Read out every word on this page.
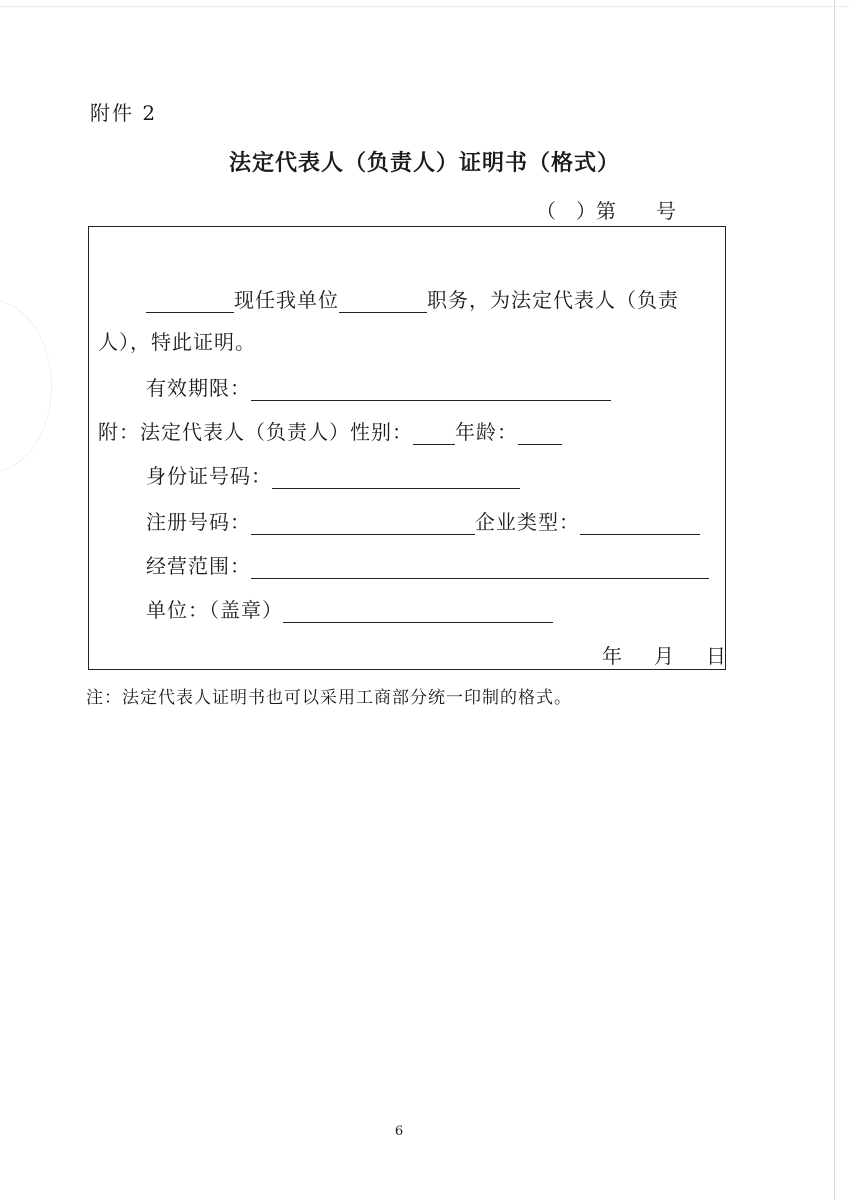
附件 2
法定代表人（负责人）证明书（格式）
（　）第　　号
现任我单位	职务，为法定代表人（负责
人），特此证明。
有效期限：
附：法定代表人（负责人）性别： 年龄：
身份证号码：
注册号码：	企业类型：
经营范围：
单位：（盖章）
年　月　日
注：法定代表人证明书也可以采用工商部分统一印制的格式。
6
